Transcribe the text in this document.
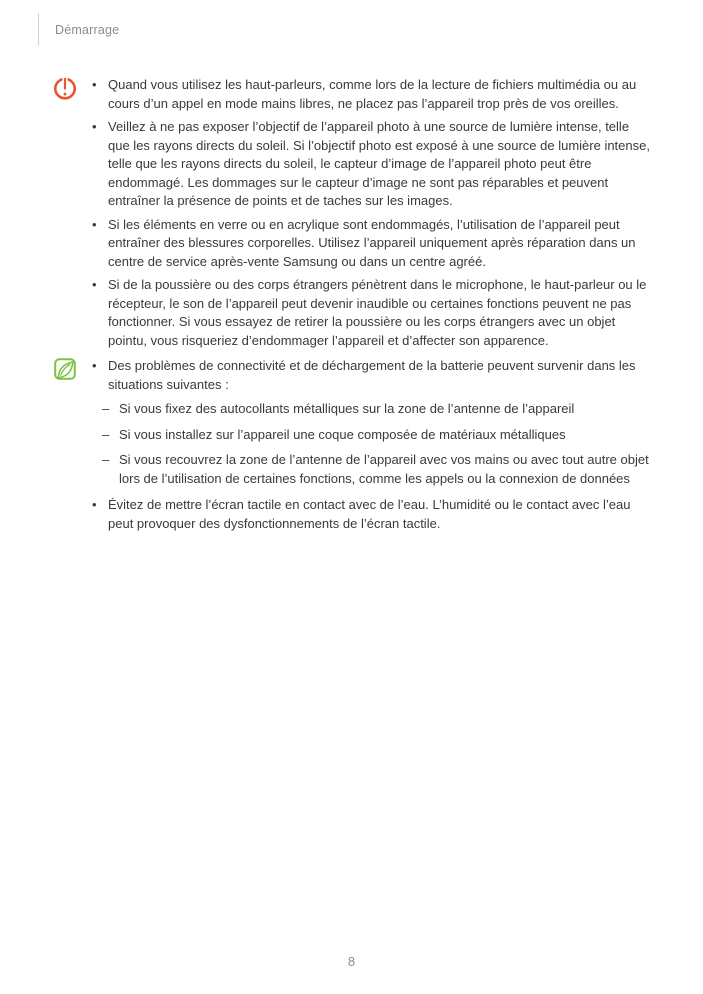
Démarrage
• Quand vous utilisez les haut-parleurs, comme lors de la lecture de fichiers multimédia ou au cours d’un appel en mode mains libres, ne placez pas l’appareil trop près de vos oreilles.
• Veillez à ne pas exposer l’objectif de l’appareil photo à une source de lumière intense, telle que les rayons directs du soleil. Si l’objectif photo est exposé à une source de lumière intense, telle que les rayons directs du soleil, le capteur d’image de l’appareil photo peut être endommagé. Les dommages sur le capteur d’image ne sont pas réparables et peuvent entraîner la présence de points et de taches sur les images.
• Si les éléments en verre ou en acrylique sont endommagés, l’utilisation de l’appareil peut entraîner des blessures corporelles. Utilisez l’appareil uniquement après réparation dans un centre de service après-vente Samsung ou dans un centre agréé.
• Si de la poussière ou des corps étrangers pénètrent dans le microphone, le haut-parleur ou le récepteur, le son de l’appareil peut devenir inaudible ou certaines fonctions peuvent ne pas fonctionner. Si vous essayez de retirer la poussière ou les corps étrangers avec un objet pointu, vous risqueriez d’endommager l’appareil et d’affecter son apparence.
• Des problèmes de connectivité et de déchargement de la batterie peuvent survenir dans les situations suivantes :
– Si vous fixez des autocollants métalliques sur la zone de l’antenne de l’appareil
– Si vous installez sur l’appareil une coque composée de matériaux métalliques
– Si vous recouvrez la zone de l’antenne de l’appareil avec vos mains ou avec tout autre objet lors de l’utilisation de certaines fonctions, comme les appels ou la connexion de données
• Évitez de mettre l’écran tactile en contact avec de l’eau. L’humidité ou le contact avec l’eau peut provoquer des dysfonctionnements de l’écran tactile.
8
